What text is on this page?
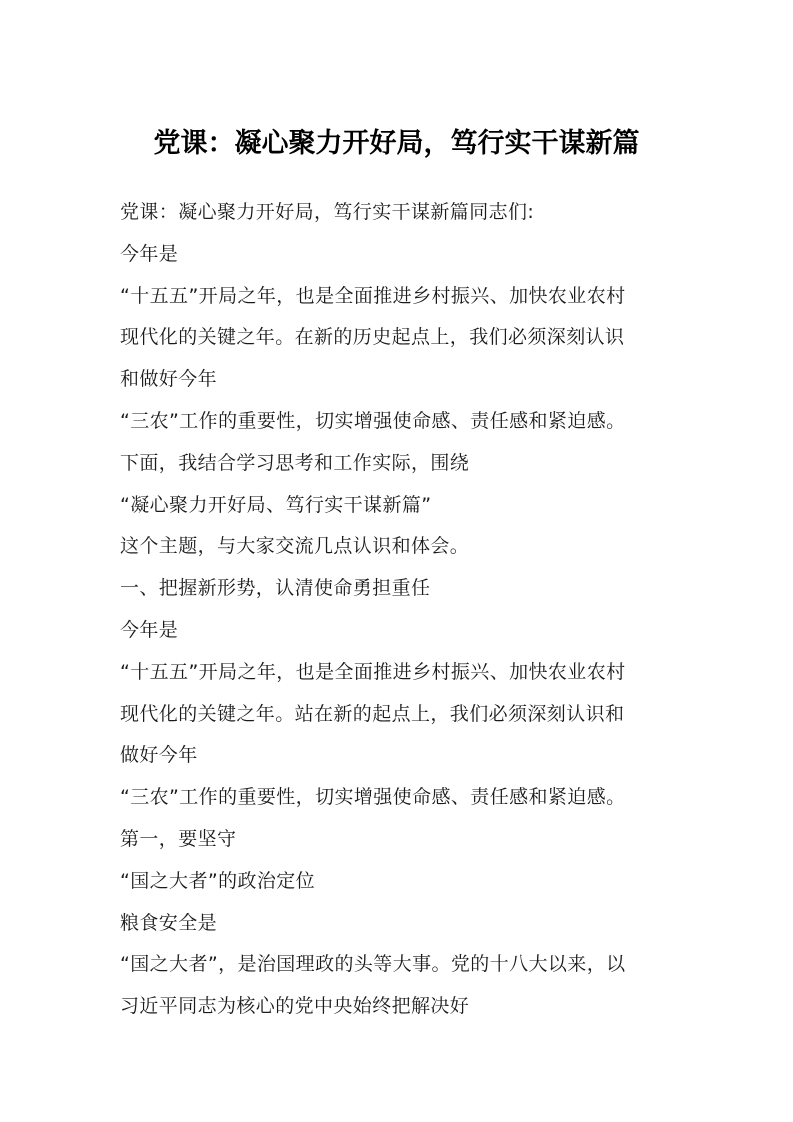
党课：凝心聚力开好局，笃行实干谋新篇
党课：凝心聚力开好局，笃行实干谋新篇同志们:
今年是
“十五五”开局之年，也是全面推进乡村振兴、加快农业农村
现代化的关键之年。在新的历史起点上，我们必须深刻认识
和做好今年
“三农”工作的重要性，切实增强使命感、责任感和紧迫感。
下面，我结合学习思考和工作实际，围绕
“凝心聚力开好局、笃行实干谋新篇”
这个主题，与大家交流几点认识和体会。
一、把握新形势，认清使命勇担重任
今年是
“十五五”开局之年，也是全面推进乡村振兴、加快农业农村
现代化的关键之年。站在新的起点上，我们必须深刻认识和
做好今年
“三农”工作的重要性，切实增强使命感、责任感和紧迫感。
第一，要坚守
“国之大者”的政治定位
粮食安全是
“国之大者”，是治国理政的头等大事。党的十八大以来，以
习近平同志为核心的党中央始终把解决好
